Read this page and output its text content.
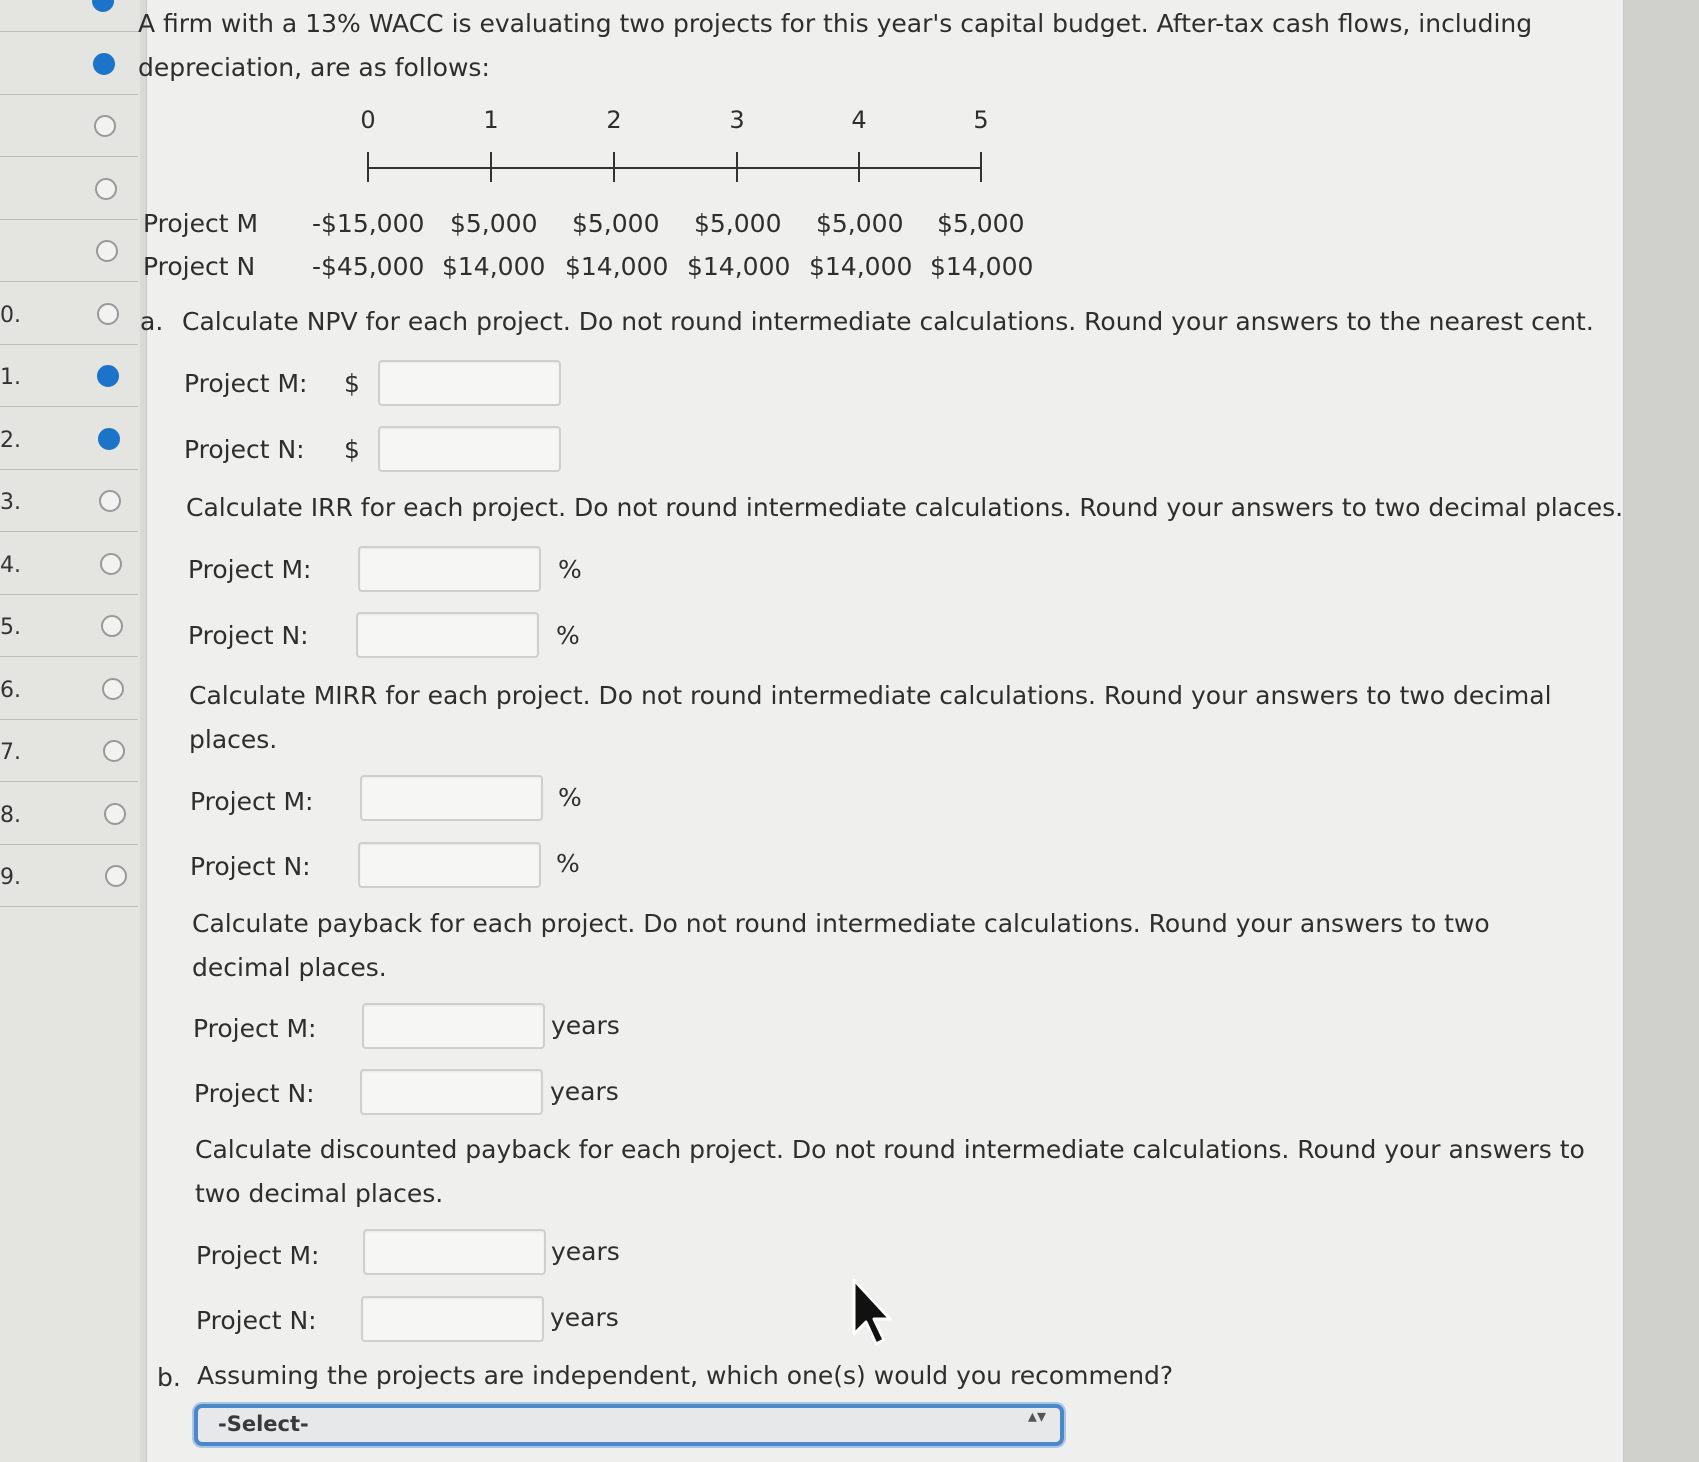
0.
1.
2.
3.
4.
5.
6.
7.
8.
9.
A firm with a 13% WACC is evaluating two projects for this year's capital budget. After-tax cash flows, including depreciation, are as follows:
0	1	2	3	4	5
Project M -$15,000 $5,000 $5,000 $5,000 $5,000 $5,000
Project N -$45,000 $14,000 $14,000 $14,000 $14,000 $14,000
a. Calculate NPV for each project. Do not round intermediate calculations. Round your answers to the nearest cent.
Project M: $
Project N: $
Calculate IRR for each project. Do not round intermediate calculations. Round your answers to two decimal places.
Project M:	%
Project N:	%
Calculate MIRR for each project. Do not round intermediate calculations. Round your answers to two decimal places.
Project M:	%
Project N:	%
Calculate payback for each project. Do not round intermediate calculations. Round your answers to two decimal places.
Project M:	years
Project N:	years
Calculate discounted payback for each project. Do not round intermediate calculations. Round your answers to two decimal places.
Project M:	years
Project N:	years
b. Assuming the projects are independent, which one(s) would you recommend?
-Select-	▴▾
